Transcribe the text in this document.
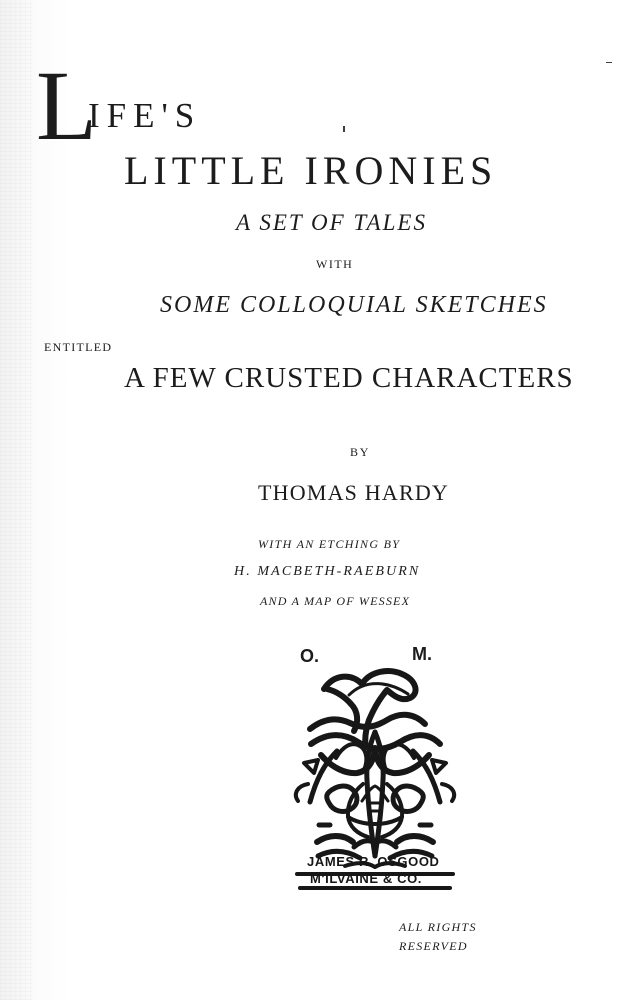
L
IFE'S
LITTLE IRONIES
A SET OF TALES
WITH
SOME COLLOQUIAL SKETCHES
ENTITLED
A FEW CRUSTED CHARACTERS
BY
THOMAS HARDY
WITH AN ETCHING BY
H. MACBETH-RAEBURN
AND A MAP OF WESSEX
O.	M.
JAMES R. OSGOOD
M'ILVAINE & CO.
ALL RIGHTS
RESERVED
